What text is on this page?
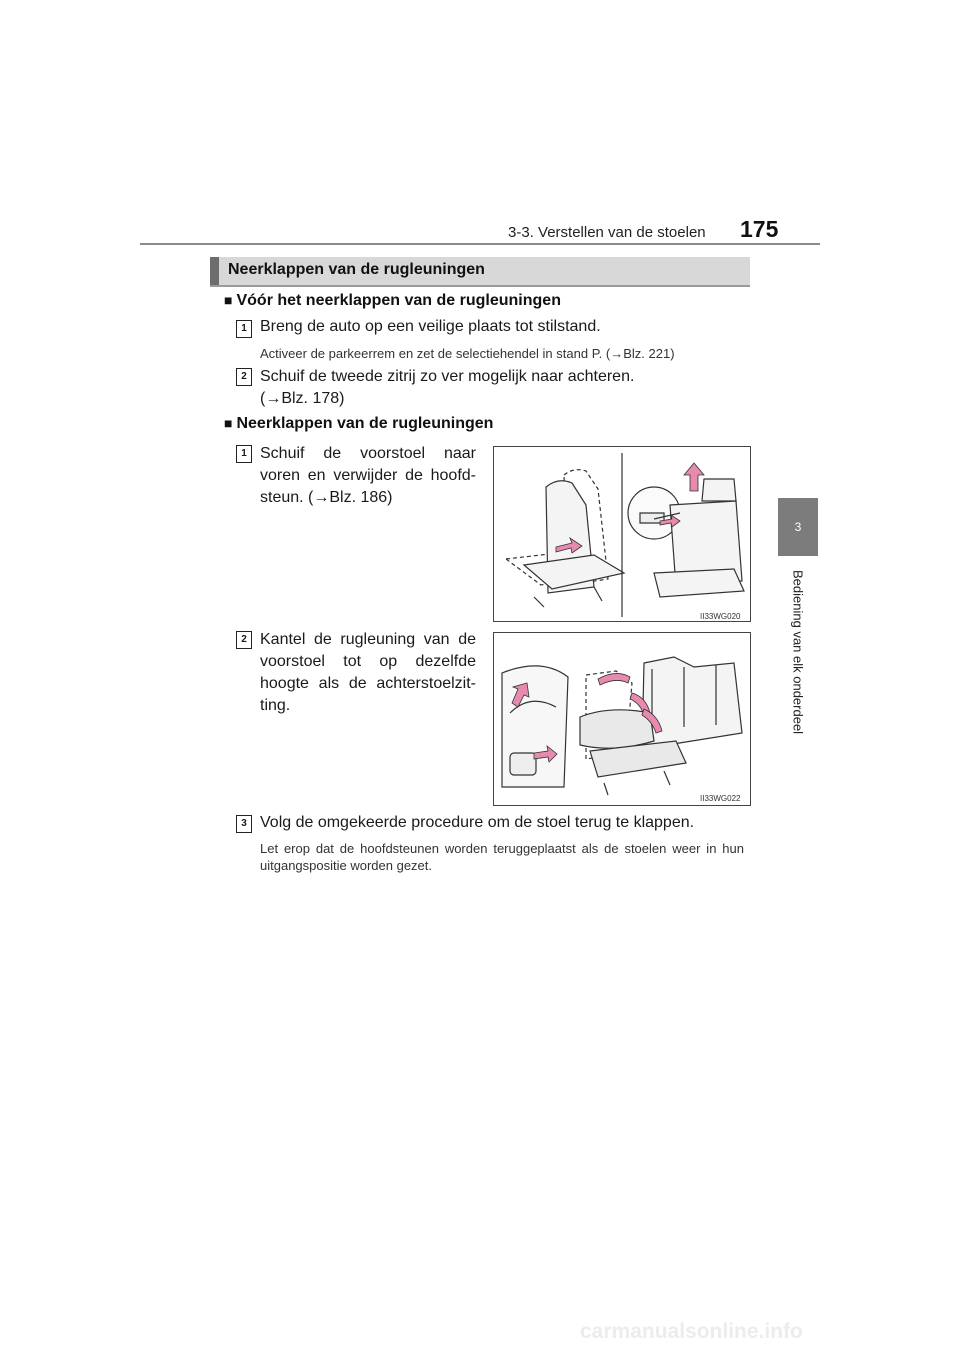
3-3. Verstellen van de stoelen 175
3
Bediening van elk onderdeel
Neerklappen van de rugleuningen
■ Vóór het neerklappen van de rugleuningen
1 Breng de auto op een veilige plaats tot stilstand.
Activeer de parkeerrem en zet de selectiehendel in stand P. (→Blz. 221)
2 Schuif de tweede zitrij zo ver mogelijk naar achteren.
(→Blz. 178)
■ Neerklappen van de rugleuningen
1 Schuif de voorstoel naar voren en verwijder de hoofd-steun. (→Blz. 186)
II33WG020
2 Kantel de rugleuning van de voorstoel tot op dezelfde hoogte als de achterstoelzit-ting.
II33WG022
3 Volg de omgekeerde procedure om de stoel terug te klappen.
Let erop dat de hoofdsteunen worden teruggeplaatst als de stoelen weer in hun uitgangspositie worden gezet.
carmanualsonline.info
